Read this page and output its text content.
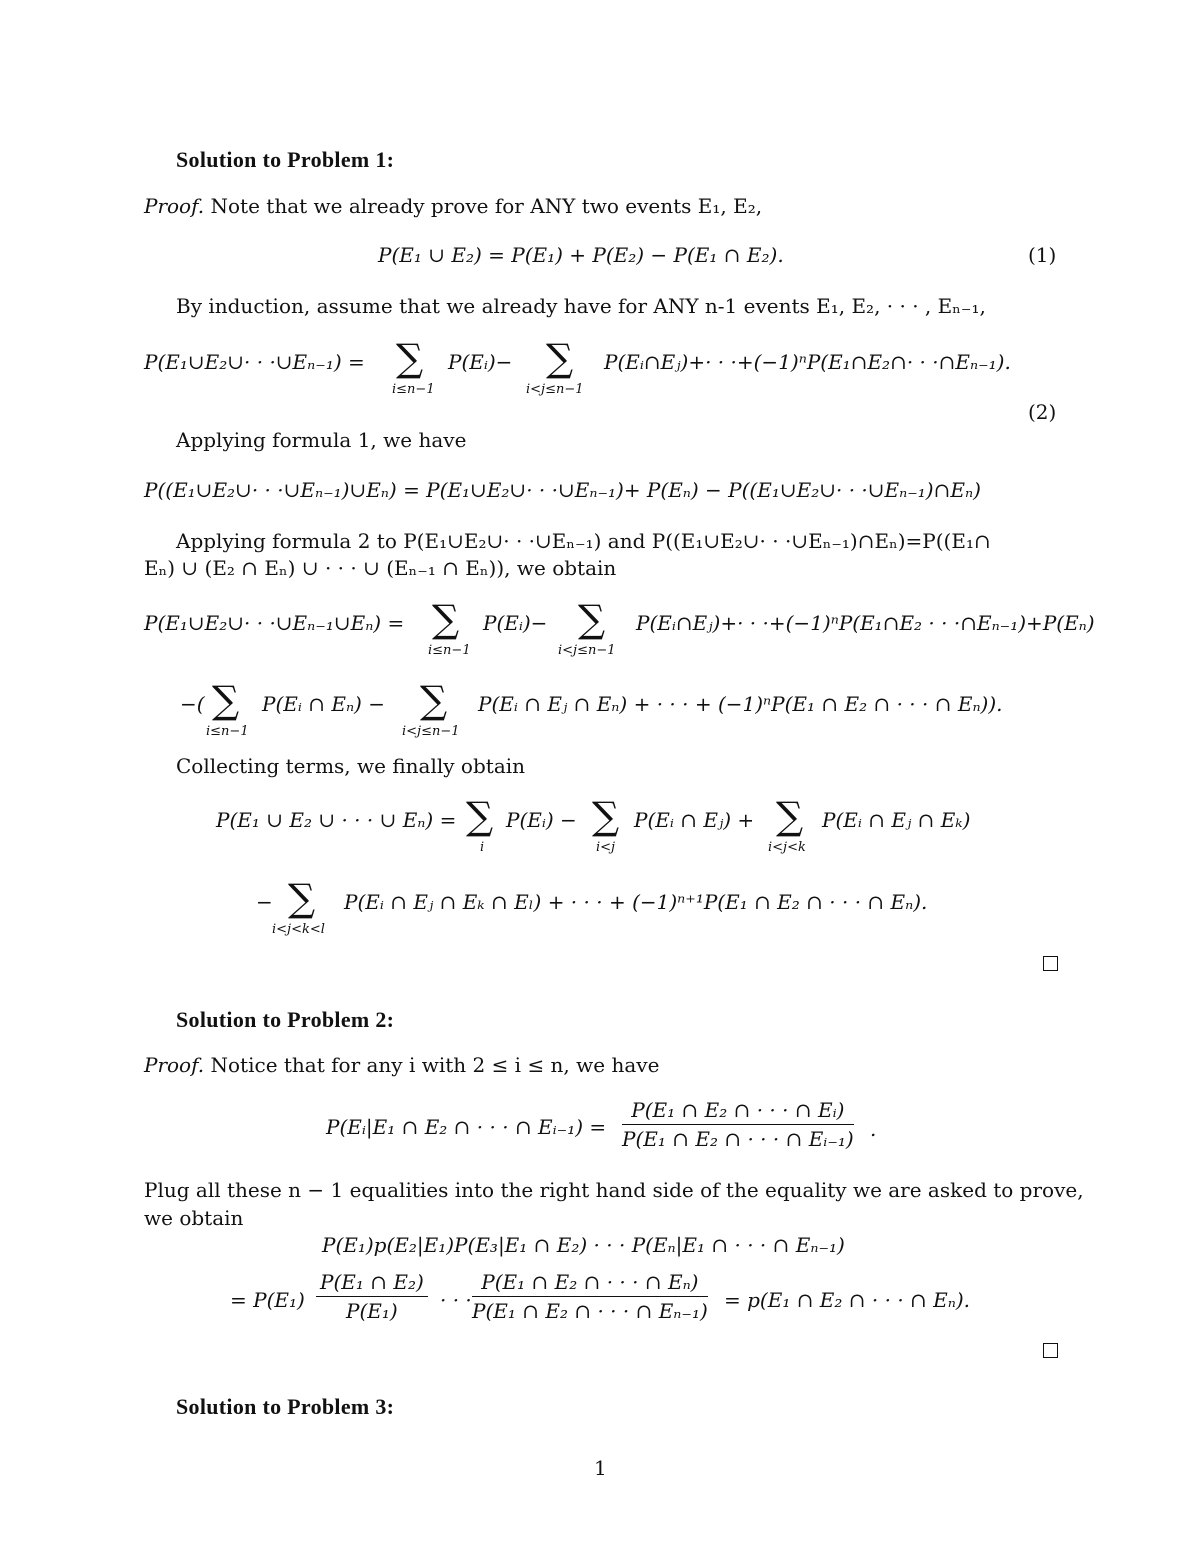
Solution to Problem 1:
Proof. Note that we already prove for ANY two events E₁, E₂,
P(E₁ ∪ E₂) = P(E₁) + P(E₂) − P(E₁ ∩ E₂).	(1)
By induction, assume that we already have for ANY n-1 events E₁, E₂, · · · , Eₙ₋₁,
P(E₁∪E₂∪· · ·∪Eₙ₋₁) = ∑
i≤n−1
P(Eᵢ)− ∑
i<j≤n−1
P(Eᵢ∩Eⱼ)+· · ·+(−1)ⁿP(E₁∩E₂∩· · ·∩Eₙ₋₁).
(2)
Applying formula 1, we have
P((E₁∪E₂∪· · ·∪Eₙ₋₁)∪Eₙ) = P(E₁∪E₂∪· · ·∪Eₙ₋₁)+ P(Eₙ) − P((E₁∪E₂∪· · ·∪Eₙ₋₁)∩Eₙ)
Applying formula 2 to P(E₁∪E₂∪· · ·∪Eₙ₋₁) and P((E₁∪E₂∪· · ·∪Eₙ₋₁)∩Eₙ)=P((E₁∩
Eₙ) ∪ (E₂ ∩ Eₙ) ∪ · · · ∪ (Eₙ₋₁ ∩ Eₙ)), we obtain
P(E₁∪E₂∪· · ·∪Eₙ₋₁∪Eₙ) = ∑
i≤n−1
P(Eᵢ)− ∑
i<j≤n−1
P(Eᵢ∩Eⱼ)+· · ·+(−1)ⁿP(E₁∩E₂ · · ·∩Eₙ₋₁)+P(Eₙ)
−( ∑
i≤n−1
P(Eᵢ ∩ Eₙ) − ∑
i<j≤n−1
P(Eᵢ ∩ Eⱼ ∩ Eₙ) + · · · + (−1)ⁿP(E₁ ∩ E₂ ∩ · · · ∩ Eₙ)).
Collecting terms, we finally obtain
P(E₁ ∪ E₂ ∪ · · · ∪ Eₙ) = ∑
i
P(Eᵢ) − ∑
i<j
P(Eᵢ ∩ Eⱼ) + ∑
i<j<k
P(Eᵢ ∩ Eⱼ ∩ Eₖ)
− ∑
i<j<k<l
P(Eᵢ ∩ Eⱼ ∩ Eₖ ∩ Eₗ) + · · · + (−1)ⁿ⁺¹P(E₁ ∩ E₂ ∩ · · · ∩ Eₙ).
Solution to Problem 2:
Proof. Notice that for any i with 2 ≤ i ≤ n, we have
P(Eᵢ|E₁ ∩ E₂ ∩ · · · ∩ Eᵢ₋₁) = $\frac{\text{P(E₁ ∩ E₂ ∩ · · · ∩ Eᵢ)}}{\text{P(E₁ ∩ E₂ ∩ · · · ∩ Eᵢ₋₁)}}$ .
Plug all these n − 1 equalities into the right hand side of the equality we are asked to prove,
we obtain
P(E₁)p(E₂|E₁)P(E₃|E₁ ∩ E₂) · · · P(Eₙ|E₁ ∩ · · · ∩ Eₙ₋₁)
= $P(E_1) \frac{\text{P(E₁ ∩ E₂)}}{\text{P(E₁)}}$ · · · $\frac{\text{P(E₁ ∩ E₂ ∩ · · · ∩ Eₙ)}}{\text{P(E₁ ∩ E₂ ∩ · · · ∩ Eₙ₋₁)}} = p(E_1$ ∩ E₂ ∩ · · · ∩ Eₙ).
Solution to Problem 3:
1
